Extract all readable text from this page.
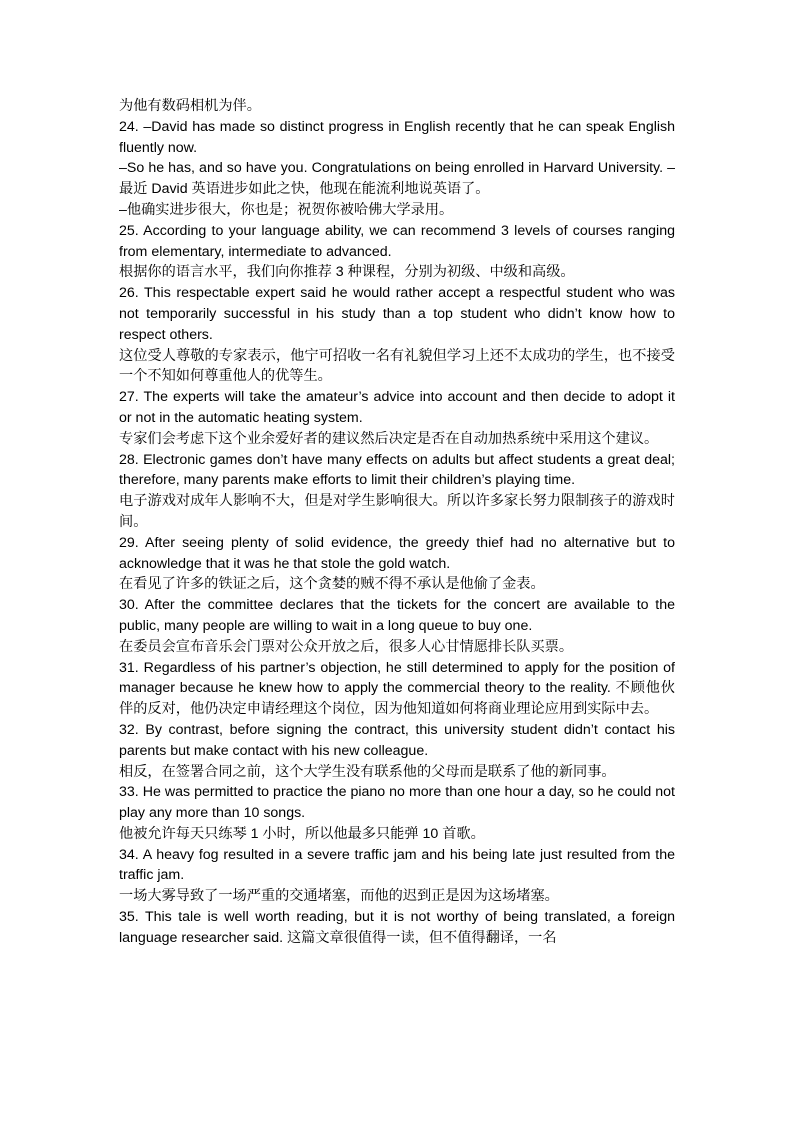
为他有数码相机为伴。

24. –David has made so distinct progress in English recently that he can speak English fluently now.

–So he has, and so have you. Congratulations on being enrolled in Harvard University. –最近 David 英语进步如此之快，他现在能流利地说英语了。

–他确实进步很大，你也是；祝贺你被哈佛大学录用。

25. According to your language ability, we can recommend 3 levels of courses ranging from elementary, intermediate to advanced.

根据你的语言水平，我们向你推荐 3 种课程，分别为初级、中级和高级。

26. This respectable expert said he would rather accept a respectful student who was not temporarily successful in his study than a top student who didn’t know how to respect others.

这位受人尊敬的专家表示，他宁可招收一名有礼貌但学习上还不太成功的学生，也不接受一个不知如何尊重他人的优等生。

27. The experts will take the amateur’s advice into account and then decide to adopt it or not in the automatic heating system.

专家们会考虑下这个业余爱好者的建议然后决定是否在自动加热系统中采用这个建议。

28. Electronic games don’t have many effects on adults but affect students a great deal; therefore, many parents make efforts to limit their children’s playing time.

电子游戏对成年人影响不大，但是对学生影响很大。所以许多家长努力限制孩子的游戏时间。

29. After seeing plenty of solid evidence, the greedy thief had no alternative but to acknowledge that it was he that stole the gold watch.

在看见了许多的铁证之后，这个贪婪的贼不得不承认是他偷了金表。

30. After the committee declares that the tickets for the concert are available to the public, many people are willing to wait in a long queue to buy one.

在委员会宣布音乐会门票对公众开放之后，很多人心甘情愿排长队买票。

31. Regardless of his partner’s objection, he still determined to apply for the position of manager because he knew how to apply the commercial theory to the reality. 不顾他伙伴的反对，他仍决定申请经理这个岗位，因为他知道如何将商业理论应用到实际中去。

32. By contrast, before signing the contract, this university student didn’t contact his parents but make contact with his new colleague.

相反，在签署合同之前，这个大学生没有联系他的父母而是联系了他的新同事。

33. He was permitted to practice the piano no more than one hour a day, so he could not play any more than 10 songs.

他被允许每天只练琴 1 小时，所以他最多只能弹 10 首歌。

34. A heavy fog resulted in a severe traffic jam and his being late just resulted from the traffic jam.

一场大雾导致了一场严重的交通堵塞，而他的迟到正是因为这场堵塞。

35. This tale is well worth reading, but it is not worthy of being translated, a foreign language researcher said. 这篇文章很值得一读，但不值得翻译，一名
